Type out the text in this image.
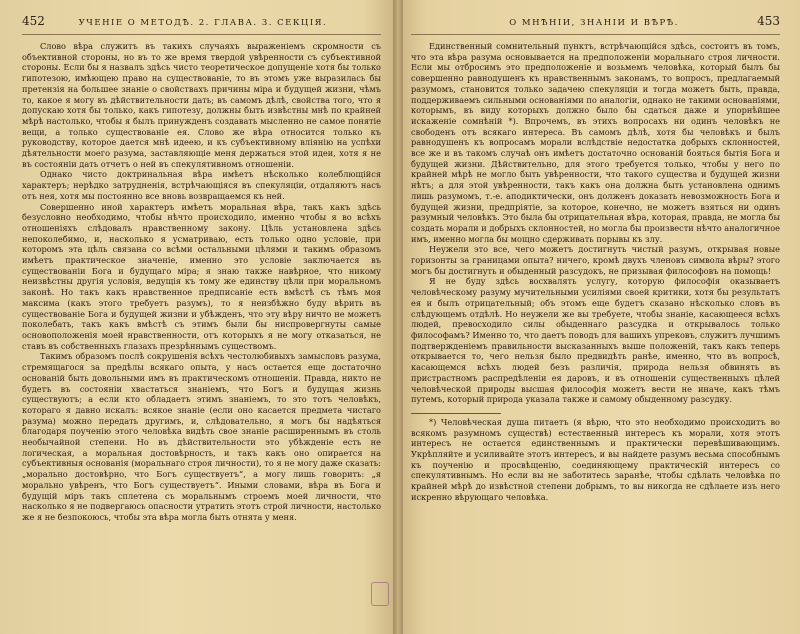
452	УЧЕНІЕ О МЕТОДѢ. 2. ГЛАВА. 3. СЕКЦІЯ.

Слово вѣра служитъ въ такихъ случаяхъ выраженіемъ скромности съ объективной стороны, но въ то же время твердой увѣренности съ субъективной стороны. Если бы я назвалъ здѣсь чисто теоретическое допущеніе хотя бы только гипотезою, имѣющею право на существованіе, то въ этомъ уже выразилась бы претензія на большее знаніе о свойствахъ причины міра и будущей жизни, чѣмъ то, какое я могу въ дѣйствительности дать; въ самомъ дѣлѣ, свойства того, что я допускаю хотя бы только, какъ гипотезу, должны быть извѣстны мнѣ по крайней мѣрѣ настолько, чтобы я былъ принужденъ создавать мысленно не самое понятіе вещи, а только существованіе ея. Слово же вѣра относится только къ руководству, которое дается мнѣ идеею, и къ субъективному вліянію на успѣхи дѣятельности моего разума, заставляющіе меня держаться этой идеи, хотя я не въ состояніи дать отчетъ о ней въ спекулятивномъ отношеніи.

Однако чисто доктринальная вѣра имѣетъ нѣсколько колеблющійся характеръ; нерѣдко затрудненія, встрѣчающіяся въ спекуляціи, отдаляютъ насъ отъ нея, хотя мы постоянно все вновь возвращаемся къ ней.

Совершенно иной характеръ имѣетъ моральная вѣра, такъ какъ здѣсь безусловно необходимо, чтобы нѣчто происходило, именно чтобы я во всѣхъ отношеніяхъ слѣдовалъ нравственному закону. Цѣль установлена здѣсь непоколебимо, и, насколько я усматриваю, есть только одно условіе, при которомъ эта цѣль связана со всѣми остальными цѣлями и такимъ образомъ имѣетъ практическое значеніе, именно это условіе заключается въ существованіи Бога и будущаго міра; я знаю также навѣрное, что никому неизвѣстны другія условія, ведущія къ тому же единству цѣли при моральномъ законѣ. Но такъ какъ нравственное предписаніе есть вмѣстѣ съ тѣмъ моя максима (какъ этого требуетъ разумъ), то я неизбѣжно буду вѣрить въ существованіе Бога и будущей жизни и убѣжденъ, что эту вѣру ничто не можетъ поколебать, такъ какъ вмѣстѣ съ этимъ были бы ниспровергнуты самые основоположенія моей нравственности, отъ которыхъ я не могу отказаться, не ставъ въ собственныхъ глазахъ презрѣннымъ существомъ.

Такимъ образомъ послѣ сокрушенія всѣхъ честолюбивыхъ замысловъ разума, стремящагося за предѣлы всякаго опыта, у насъ остается еще достаточно основаній быть довольными имъ въ практическомъ отношеніи. Правда, никто не будетъ въ состояніи хвастаться знаніемъ, что Богъ и будущая жизнь существуютъ; а если кто обладаетъ этимъ знаніемъ, то это тотъ человѣкъ, котораго я давно искалъ: всякое знаніе (если оно касается предмета чистаго разума) можно передать другимъ, и, слѣдовательно, я могъ бы надѣяться благодаря поученію этого человѣка видѣть свое знаніе расширеннымъ въ столь необычайной степени. Но въ дѣйствительности это убѣжденіе есть не логическая, а моральная достовѣрность, и такъ какъ оно опирается на субъективныя основанія (моральнаго строя личности), то я не могу даже сказать: „морально достовѣрно, что Богъ существуетъ“, а могу лишь говорить: „я морально увѣренъ, что Богъ существуетъ“. Иными словами, вѣра въ Бога и будущій міръ такъ сплетена съ моральнымъ строемъ моей личности, что насколько я не подвергаюсь опасности утратить этотъ строй личности, настолько же я не безпокоюсь, чтобы эта вѣра могла быть отнята у меня.

О МНѢНІИ, ЗНАНІИ И ВѢРѢ.	453

Единственный сомнительный пунктъ, встрѣчающійся здѣсь, состоитъ въ томъ, что эта вѣра разума основывается на предположеніи моральнаго строя личности. Если мы отбросимъ это предположеніе и возьмемъ человѣка, который былъ бы совершенно равнодушенъ къ нравственнымъ законамъ, то вопросъ, предлагаемый разумомъ, становится только задачею спекуляціи и тогда можетъ быть, правда, поддерживаемъ сильными основаніями по аналогіи, однако не такими основаніями, которымъ, въ виду которыхъ должно было бы сдаться даже и упорнѣйшее искаженіе сомнѣній *). Впрочемъ, въ этихъ вопросахъ ни одинъ человѣкъ не свободенъ отъ всякаго интереса. Въ самомъ дѣлѣ, хотя бы человѣкъ и былъ равнодушенъ къ вопросамъ морали вслѣдствіе недостатка добрыхъ склонностей, все же и въ такомъ случаѣ онъ имѣетъ достаточно основаній бояться бытія Бога и будущей жизни. Дѣйствительно, для этого требуется только, чтобы у него по крайней мѣрѣ не могло быть увѣренности, что такого существа и будущей жизни нѣтъ; а для этой увѣренности, такъ какъ она должна быть установлена однимъ лишь разумомъ, т.-е. аподиктически, онъ долженъ доказать невозможность Бога и будущей жизни, предпріятіе, за которое, конечно, не можетъ взяться ни одинъ разумный человѣкъ. Это была бы отрицательная вѣра, которая, правда, не могла бы создать морали и добрыхъ склонностей, но могла бы произвести нѣчто аналогичное имъ, именно могла бы мощно сдерживать порывы къ злу.

Неужели это все, чего можетъ достигнуть чистый разумъ, открывая новые горизонты за границами опыта? ничего, кромѣ двухъ членовъ символа вѣры? этого могъ бы достигнуть и обыденный разсудокъ, не призывая философовъ на помощь!

Я не буду здѣсь восхвалять услугу, которую философія оказываетъ человѣческому разуму мучительными усиліями своей критики, хотя бы результатъ ея и былъ отрицательный; объ этомъ еще будетъ сказано нѣсколько словъ въ слѣдующемъ отдѣлѣ. Но неужели же вы требуете, чтобы знаніе, касающееся всѣхъ людей, превосходило силы обыденнаго разсудка и открывалось только философамъ? Именно то, что даетъ поводъ для вашихъ упрековъ, служитъ лучшимъ подтвержденіемъ правильности высказанныхъ выше положеній, такъ какъ теперь открывается то, чего нельзя было предвидѣть ранѣе, именно, что въ вопросѣ, касающемся всѣхъ людей безъ различія, природа нельзя обвинять въ пристрастномъ распредѣленіи ея даровъ, и въ отношеніи существенныхъ цѣлей человѣческой природы высшая философія можетъ вести не иначе, какъ тѣмъ путемъ, который природа указала также и самому обыденному разсудку.

*) Человѣческая душа питаетъ (я вѣрю, что это необходимо происходитъ во всякомъ разумномъ существѣ) естественный интересъ къ морали, хотя этотъ интересъ не остается единственнымъ и практически перевѣшивающимъ. Укрѣпляйте и усиливайте этотъ интересъ, и вы найдете разумъ весьма способнымъ къ поученію и просвѣщенію, соединяющему практическій интересъ со спекулятивнымъ. Но если вы не заботитесь заранѣе, чтобы сдѣлать человѣка по крайней мѣрѣ до извѣстной степени добрымъ, то вы никогда не сдѣлаете изъ него искренно вѣрующаго человѣка.
